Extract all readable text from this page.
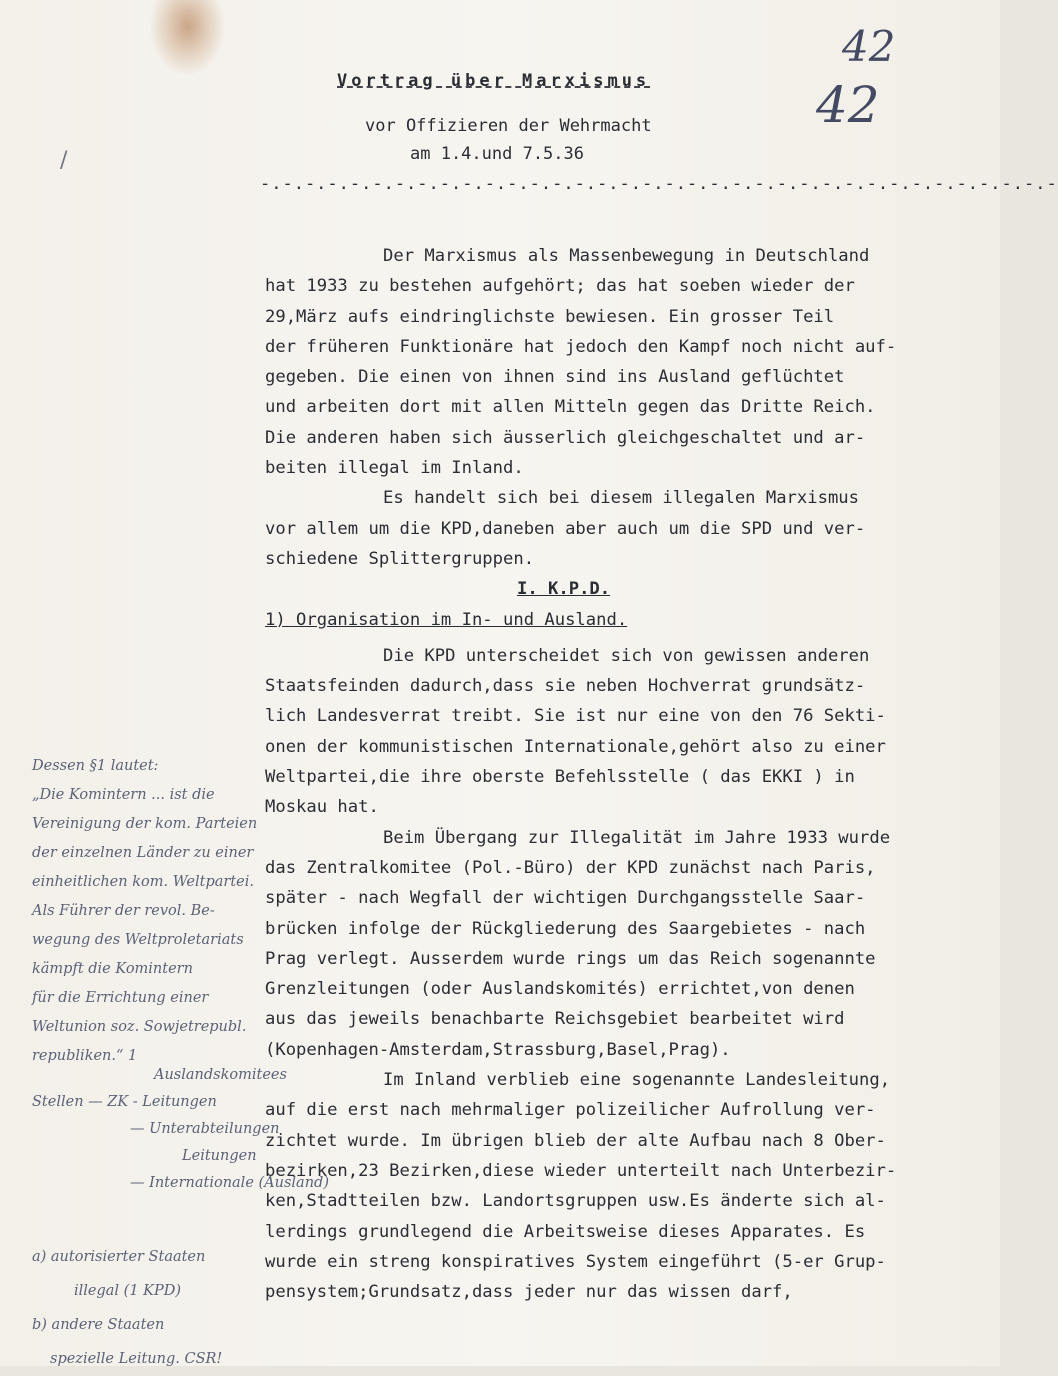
42
42
/
Vortrag über Marxismus
vor Offizieren der Wehrmacht
am 1.4.und 7.5.36
-.-.-.-.-.-.-.-.-.-.-.-.-.-.-.-.-.-.-.-.-.-.-.-.-.-.-.-.-.-.-.-.-.-.-.-
Der Marxismus als Massenbewegung in Deutschland
hat 1933 zu bestehen aufgehört; das hat soeben wieder der
29,März aufs eindringlichste bewiesen. Ein grosser Teil
der früheren Funktionäre hat jedoch den Kampf noch nicht auf-
gegeben. Die einen von ihnen sind ins Ausland geflüchtet
und arbeiten dort mit allen Mitteln gegen das Dritte Reich.
Die anderen haben sich äusserlich gleichgeschaltet und ar-
beiten illegal im Inland.
Es handelt sich bei diesem illegalen Marxismus
vor allem um die KPD,daneben aber auch um die SPD und ver-
schiedene Splittergruppen.
I. K.P.D.
1) Organisation im In- und Ausland.
Die KPD unterscheidet sich von gewissen anderen
Staatsfeinden dadurch,dass sie neben Hochverrat grundsätz-
lich Landesverrat treibt. Sie ist nur eine von den 76 Sekti-
onen der kommunistischen Internationale,gehört also zu einer
Weltpartei,die ihre oberste Befehlsstelle ( das EKKI ) in
Moskau hat.
Beim Übergang zur Illegalität im Jahre 1933 wurde
das Zentralkomitee (Pol.-Büro) der KPD zunächst nach Paris,
später - nach Wegfall der wichtigen Durchgangsstelle Saar-
brücken infolge der Rückgliederung des Saargebietes - nach
Prag verlegt. Ausserdem wurde rings um das Reich sogenannte
Grenzleitungen (oder Auslandskomités) errichtet,von denen
aus das jeweils benachbarte Reichsgebiet bearbeitet wird
(Kopenhagen-Amsterdam,Strassburg,Basel,Prag).
Im Inland verblieb eine sogenannte Landesleitung,
auf die erst nach mehrmaliger polizeilicher Aufrollung ver-
zichtet wurde. Im übrigen blieb der alte Aufbau nach 8 Ober-
bezirken,23 Bezirken,diese wieder unterteilt nach Unterbezir-
ken,Stadtteilen bzw. Landortsgruppen usw.Es änderte sich al-
lerdings grundlegend die Arbeitsweise dieses Apparates. Es
wurde ein streng konspiratives System eingeführt (5-er Grup-
pensystem;Grundsatz,dass jeder nur das wissen darf,
Dessen §1 lautet:
„Die Komintern ... ist die
Vereinigung der kom. Parteien
der einzelnen Länder zu einer
einheitlichen kom. Weltpartei.
Als Führer der revol. Be-
wegung des Weltproletariats
kämpft die Komintern
für die Errichtung einer
Weltunion soz. Sowjetrepubl.
republiken.“ 1
Auslandskomitees
Stellen — ZK - Leitungen
— Unterabteilungen
Leitungen
— Internationale (Ausland)
a) autorisierter Staaten
illegal (1 KPD)
b) andere Staaten
spezielle Leitung. CSR!
